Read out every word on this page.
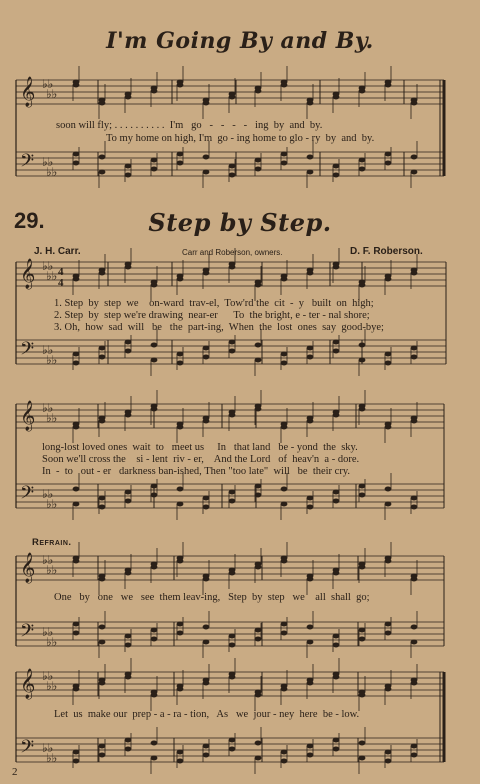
𝄞 ♭♭
♭♭
𝄢 ♭♭
♭♭
𝄞 ♭♭
♭♭
𝄢 ♭♭
♭♭
4
4
𝄞 ♭♭
♭♭
𝄢 ♭♭
♭♭
𝄞 ♭♭
♭♭
𝄢 ♭♭
♭♭
𝄞 ♭♭
♭♭
𝄢 ♭♭
♭♭
I'm Going By and By.
soon will fly; . . . . . . . . . .  I'm   go   -   -   -   -   ing  by  and  by.
To my home on high, I'm  go - ing home to glo - ry  by  and  by.
29.	Step by Step.
J. H. Carr.	Carr and Roberson, owners.	D. F. Roberson.
1. Step  by  step  we    on-ward  trav-el,  Tow'rd the  cit  -  y   built  on  high;
2. Step  by  step we're drawing  near-er      To  the bright, e - ter - nal shore;
3. Oh,  how  sad  will   be   the  part-ing,  When  the  lost  ones  say  good-bye;
long-lost loved ones  wait  to   meet us     In   that land   be - yond  the  sky.
Soon we'll cross the    si - lent  riv - er,    And the Lord   of  heav'n  a - dore.
In  -  to   out - er   darkness ban-ished, Then "too late"  will   be  their cry.
Refrain.
One   by   one   we   see  them leav-ing,   Step  by  step   we    all  shall  go;
Let  us  make our  prep - a - ra - tion,   As   we  jour - ney  here  be - low.
2
